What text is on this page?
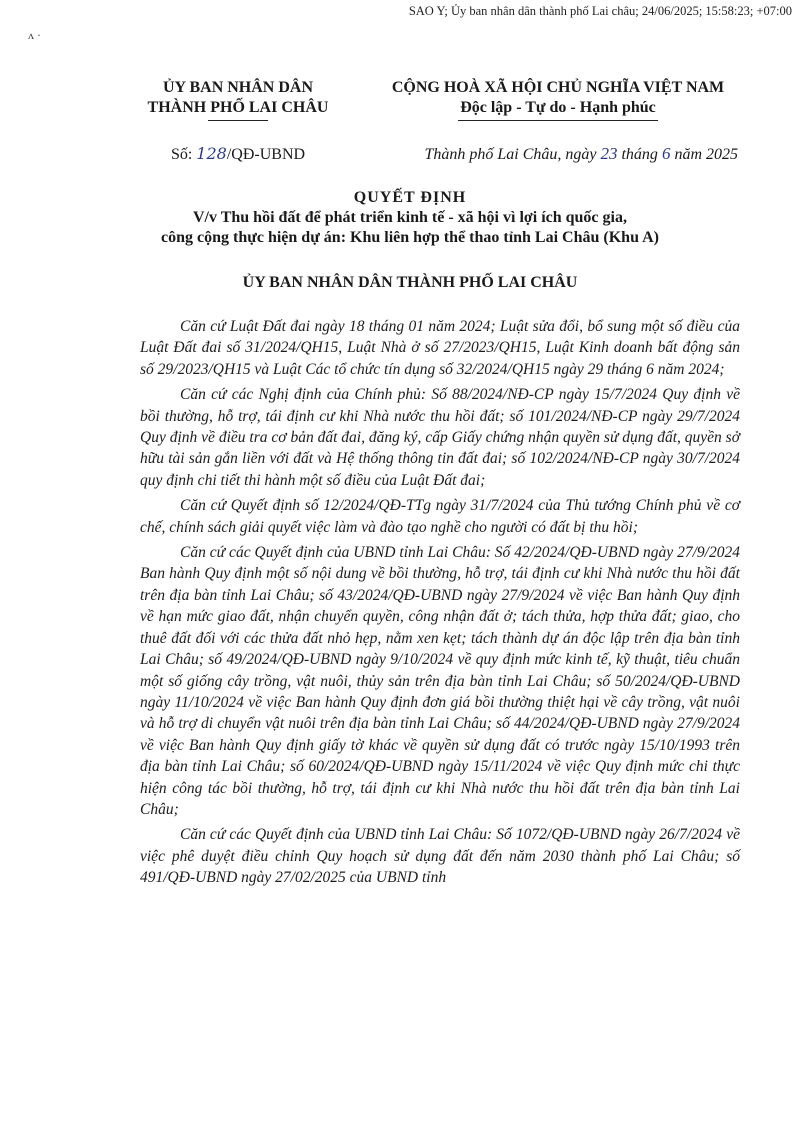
SAO Y; Ủy ban nhân dân thành phố Lai châu; 24/06/2025; 15:58:23; +07:00
ʌ ·
ỦY BAN NHÂN DÂN
THÀNH PHỐ LAI CHÂU
CỘNG HOÀ XÃ HỘI CHỦ NGHĨA VIỆT NAM
Độc lập - Tự do - Hạnh phúc
Số: 128/QĐ-UBND	Thành phố Lai Châu, ngày 23 tháng 6 năm 2025
QUYẾT ĐỊNH
V/v Thu hồi đất để phát triển kinh tế - xã hội vì lợi ích quốc gia,
công cộng thực hiện dự án: Khu liên hợp thể thao tỉnh Lai Châu (Khu A)
ỦY BAN NHÂN DÂN THÀNH PHỐ LAI CHÂU

Căn cứ Luật Đất đai ngày 18 tháng 01 năm 2024; Luật sửa đổi, bổ sung một số điều của Luật Đất đai số 31/2024/QH15, Luật Nhà ở số 27/2023/QH15, Luật Kinh doanh bất động sản số 29/2023/QH15 và Luật Các tổ chức tín dụng số 32/2024/QH15 ngày 29 tháng 6 năm 2024;

Căn cứ các Nghị định của Chính phủ: Số 88/2024/NĐ-CP ngày 15/7/2024 Quy định về bồi thường, hỗ trợ, tái định cư khi Nhà nước thu hồi đất; số 101/2024/NĐ-CP ngày 29/7/2024 Quy định về điều tra cơ bản đất đai, đăng ký, cấp Giấy chứng nhận quyền sử dụng đất, quyền sở hữu tài sản gắn liền với đất và Hệ thống thông tin đất đai; số 102/2024/NĐ-CP ngày 30/7/2024 quy định chi tiết thi hành một số điều của Luật Đất đai;

Căn cứ Quyết định số 12/2024/QĐ-TTg ngày 31/7/2024 của Thủ tướng Chính phủ về cơ chế, chính sách giải quyết việc làm và đào tạo nghề cho người có đất bị thu hồi;

Căn cứ các Quyết định của UBND tỉnh Lai Châu: Số 42/2024/QĐ-UBND ngày 27/9/2024 Ban hành Quy định một số nội dung về bồi thường, hỗ trợ, tái định cư khi Nhà nước thu hồi đất trên địa bàn tỉnh Lai Châu; số 43/2024/QĐ-UBND ngày 27/9/2024 về việc Ban hành Quy định về hạn mức giao đất, nhận chuyển quyền, công nhận đất ở; tách thửa, hợp thửa đất; giao, cho thuê đất đối với các thửa đất nhỏ hẹp, nằm xen kẹt; tách thành dự án độc lập trên địa bàn tỉnh Lai Châu; số 49/2024/QĐ-UBND ngày 9/10/2024 về quy định mức kinh tế, kỹ thuật, tiêu chuẩn một số giống cây trồng, vật nuôi, thủy sản trên địa bàn tỉnh Lai Châu; số 50/2024/QĐ-UBND ngày 11/10/2024 về việc Ban hành Quy định đơn giá bồi thường thiệt hại về cây trồng, vật nuôi và hỗ trợ di chuyển vật nuôi trên địa bàn tỉnh Lai Châu; số 44/2024/QĐ-UBND ngày 27/9/2024 về việc Ban hành Quy định giấy tờ khác về quyền sử dụng đất có trước ngày 15/10/1993 trên địa bàn tỉnh Lai Châu; số 60/2024/QĐ-UBND ngày 15/11/2024 về việc Quy định mức chi thực hiện công tác bồi thường, hỗ trợ, tái định cư khi Nhà nước thu hồi đất trên địa bàn tỉnh Lai Châu;

Căn cứ các Quyết định của UBND tỉnh Lai Châu: Số 1072/QĐ-UBND ngày 26/7/2024 về việc phê duyệt điều chỉnh Quy hoạch sử dụng đất đến năm 2030 thành phố Lai Châu; số 491/QĐ-UBND ngày 27/02/2025 của UBND tỉnh
